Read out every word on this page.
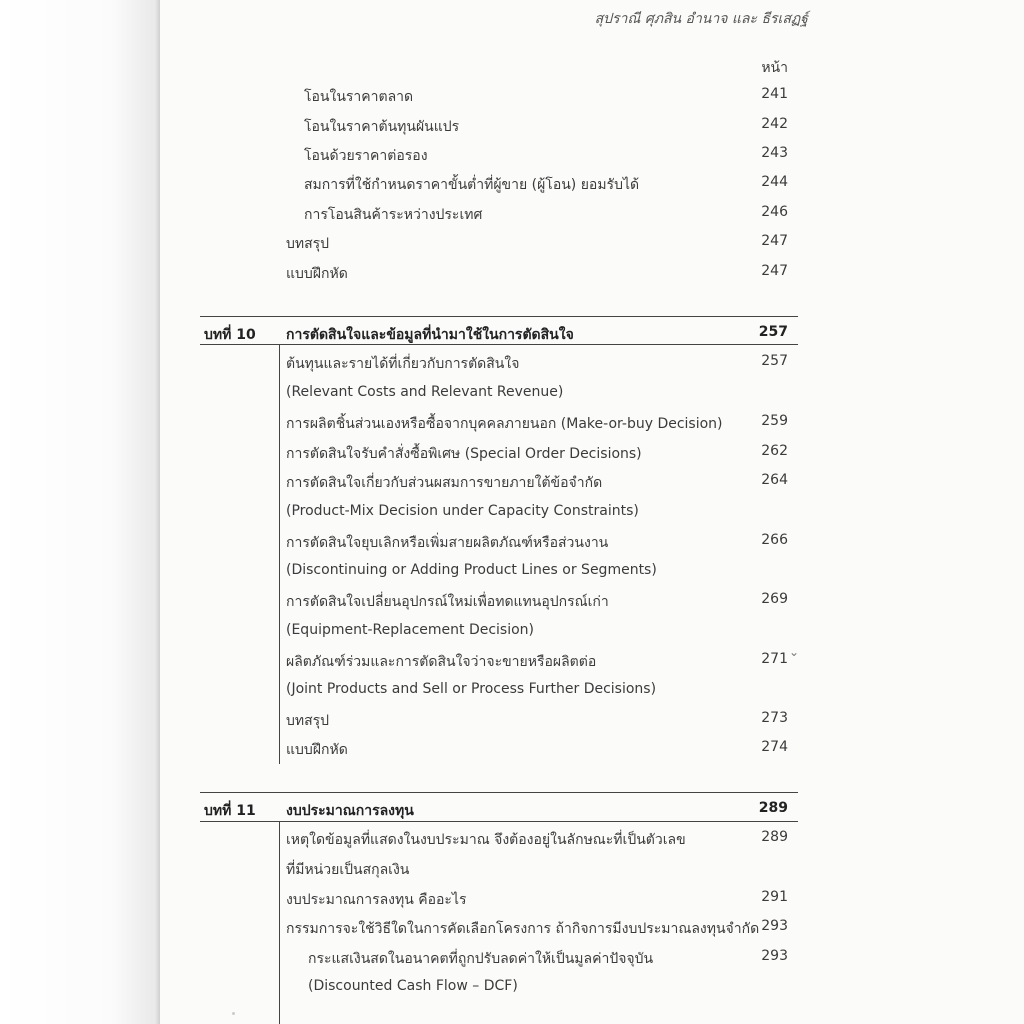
สุปราณี ศุภสิน อำนาจ และ ธีรเสฏฐ์
หน้า
โอนในราคาตลาด	241
โอนในราคาต้นทุนผันแปร	242
โอนด้วยราคาต่อรอง	243
สมการที่ใช้กำหนดราคาขั้นต่ำที่ผู้ขาย (ผู้โอน) ยอมรับได้	244
การโอนสินค้าระหว่างประเทศ	246
บทสรุป	247
แบบฝึกหัด	247
บทที่ 10 การตัดสินใจและข้อมูลที่นำมาใช้ในการตัดสินใจ	257
ต้นทุนและรายได้ที่เกี่ยวกับการตัดสินใจ	257
(Relevant Costs and Relevant Revenue)
การผลิตชิ้นส่วนเองหรือซื้อจากบุคคลภายนอก (Make-or-buy Decision)	259
การตัดสินใจรับคำสั่งซื้อพิเศษ (Special Order Decisions)	262
การตัดสินใจเกี่ยวกับส่วนผสมการขายภายใต้ข้อจำกัด	264
(Product-Mix Decision under Capacity Constraints)
การตัดสินใจยุบเลิกหรือเพิ่มสายผลิตภัณฑ์หรือส่วนงาน	266
(Discontinuing or Adding Product Lines or Segments)
การตัดสินใจเปลี่ยนอุปกรณ์ใหม่เพื่อทดแทนอุปกรณ์เก่า	269
(Equipment-Replacement Decision)
ผลิตภัณฑ์ร่วมและการตัดสินใจว่าจะขายหรือผลิตต่อ	271 ⌄
(Joint Products and Sell or Process Further Decisions)
บทสรุป	273
แบบฝึกหัด	274
บทที่ 11 งบประมาณการลงทุน	289
เหตุใดข้อมูลที่แสดงในงบประมาณ จึงต้องอยู่ในลักษณะที่เป็นตัวเลข	289
ที่มีหน่วยเป็นสกุลเงิน
งบประมาณการลงทุน คืออะไร	291
กรรมการจะใช้วิธีใดในการคัดเลือกโครงการ ถ้ากิจการมีงบประมาณลงทุนจำกัด 293
กระแสเงินสดในอนาคตที่ถูกปรับลดค่าให้เป็นมูลค่าปัจจุบัน	293
(Discounted Cash Flow – DCF)
